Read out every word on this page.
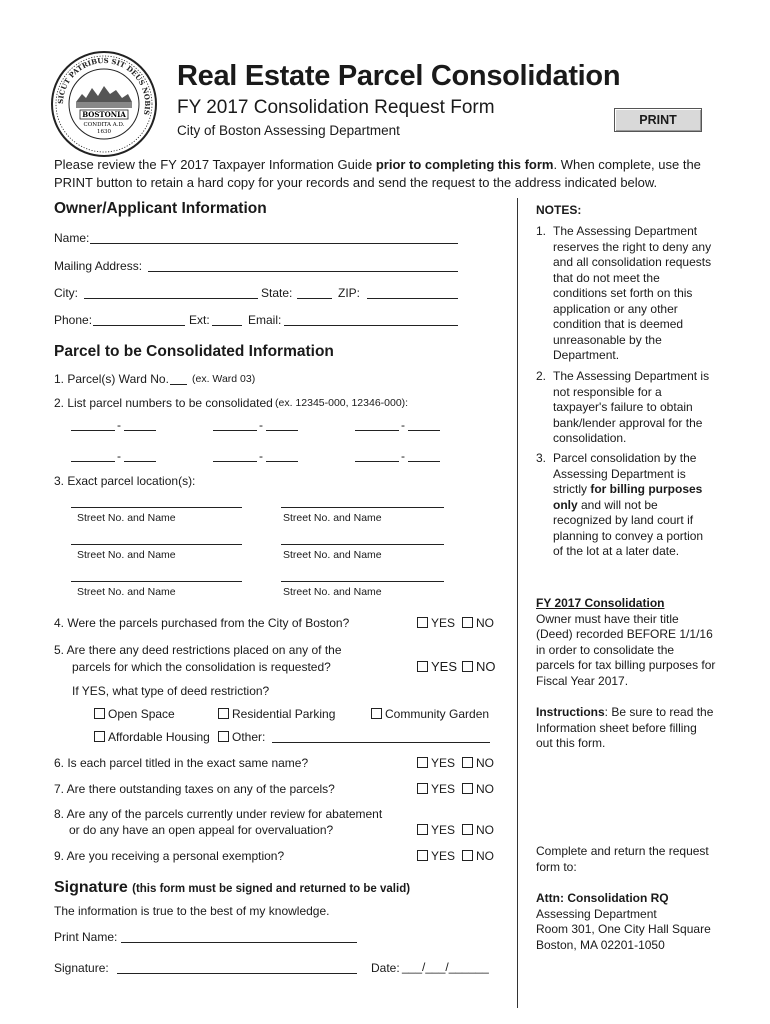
SICUT PATRIBUS SIT DEUS NOBIS
BOSTONIA
CONDITA A.D.
1630
Real Estate Parcel Consolidation
FY 2017 Consolidation Request Form
City of Boston Assessing Department
PRINT
Please review the FY 2017 Taxpayer Information Guide prior to completing this form. When complete, use the PRINT button to retain a hard copy for your records and send the request to the address indicated below.
Owner/Applicant Information
Name:
Mailing Address:
City:	State:	ZIP:
Phone:	Ext:	Email:
Parcel to be Consolidated Information
1. Parcel(s) Ward No. (ex. Ward 03)
2. List parcel numbers to be consolidated (ex. 12345-000, 12346-000):
-	-	-
-	-	-
3. Exact parcel location(s):
Street No. and Name	Street No. and Name
Street No. and Name	Street No. and Name
Street No. and Name	Street No. and Name
4. Were the parcels purchased from the City of Boston?	YES	NO
5. Are there any deed restrictions placed on any of the
parcels for which the consolidation is requested?	YES	NO
If YES, what type of deed restriction?
Open Space	Residential Parking	Community Garden
Affordable Housing	Other:
6. Is each parcel titled in the exact same name?	YES	NO
7. Are there outstanding taxes on any of the parcels?	YES	NO
8. Are any of the parcels currently under review for abatement
or do any have an open appeal for overvaluation?	YES	NO
9. Are you receiving a personal exemption?	YES	NO
Signature (this form must be signed and returned to be valid)
The information is true to the best of my knowledge.
Print Name:
Signature:	Date: ___/___/______
NOTES:
1. The Assessing Department reserves the right to deny any and all consolidation requests that do not meet the conditions set forth on this application or any other condition that is deemed unreasonable by the Department.
2. The Assessing Department is not responsible for a taxpayer's failure to obtain bank/lender approval for the consolidation.
3. Parcel consolidation by the Assessing Department is strictly for billing purposes only and will not be recognized by land court if planning to convey a portion of the lot at a later date.
FY 2017 Consolidation
Owner must have their title (Deed) recorded BEFORE 1/1/16 in order to consolidate the parcels for tax billing purposes for Fiscal Year 2017.
Instructions: Be sure to read the Information sheet before filling out this form.
Complete and return the request form to:
Attn: Consolidation RQ
Assessing Department
Room 301, One City Hall Square
Boston, MA 02201-1050
